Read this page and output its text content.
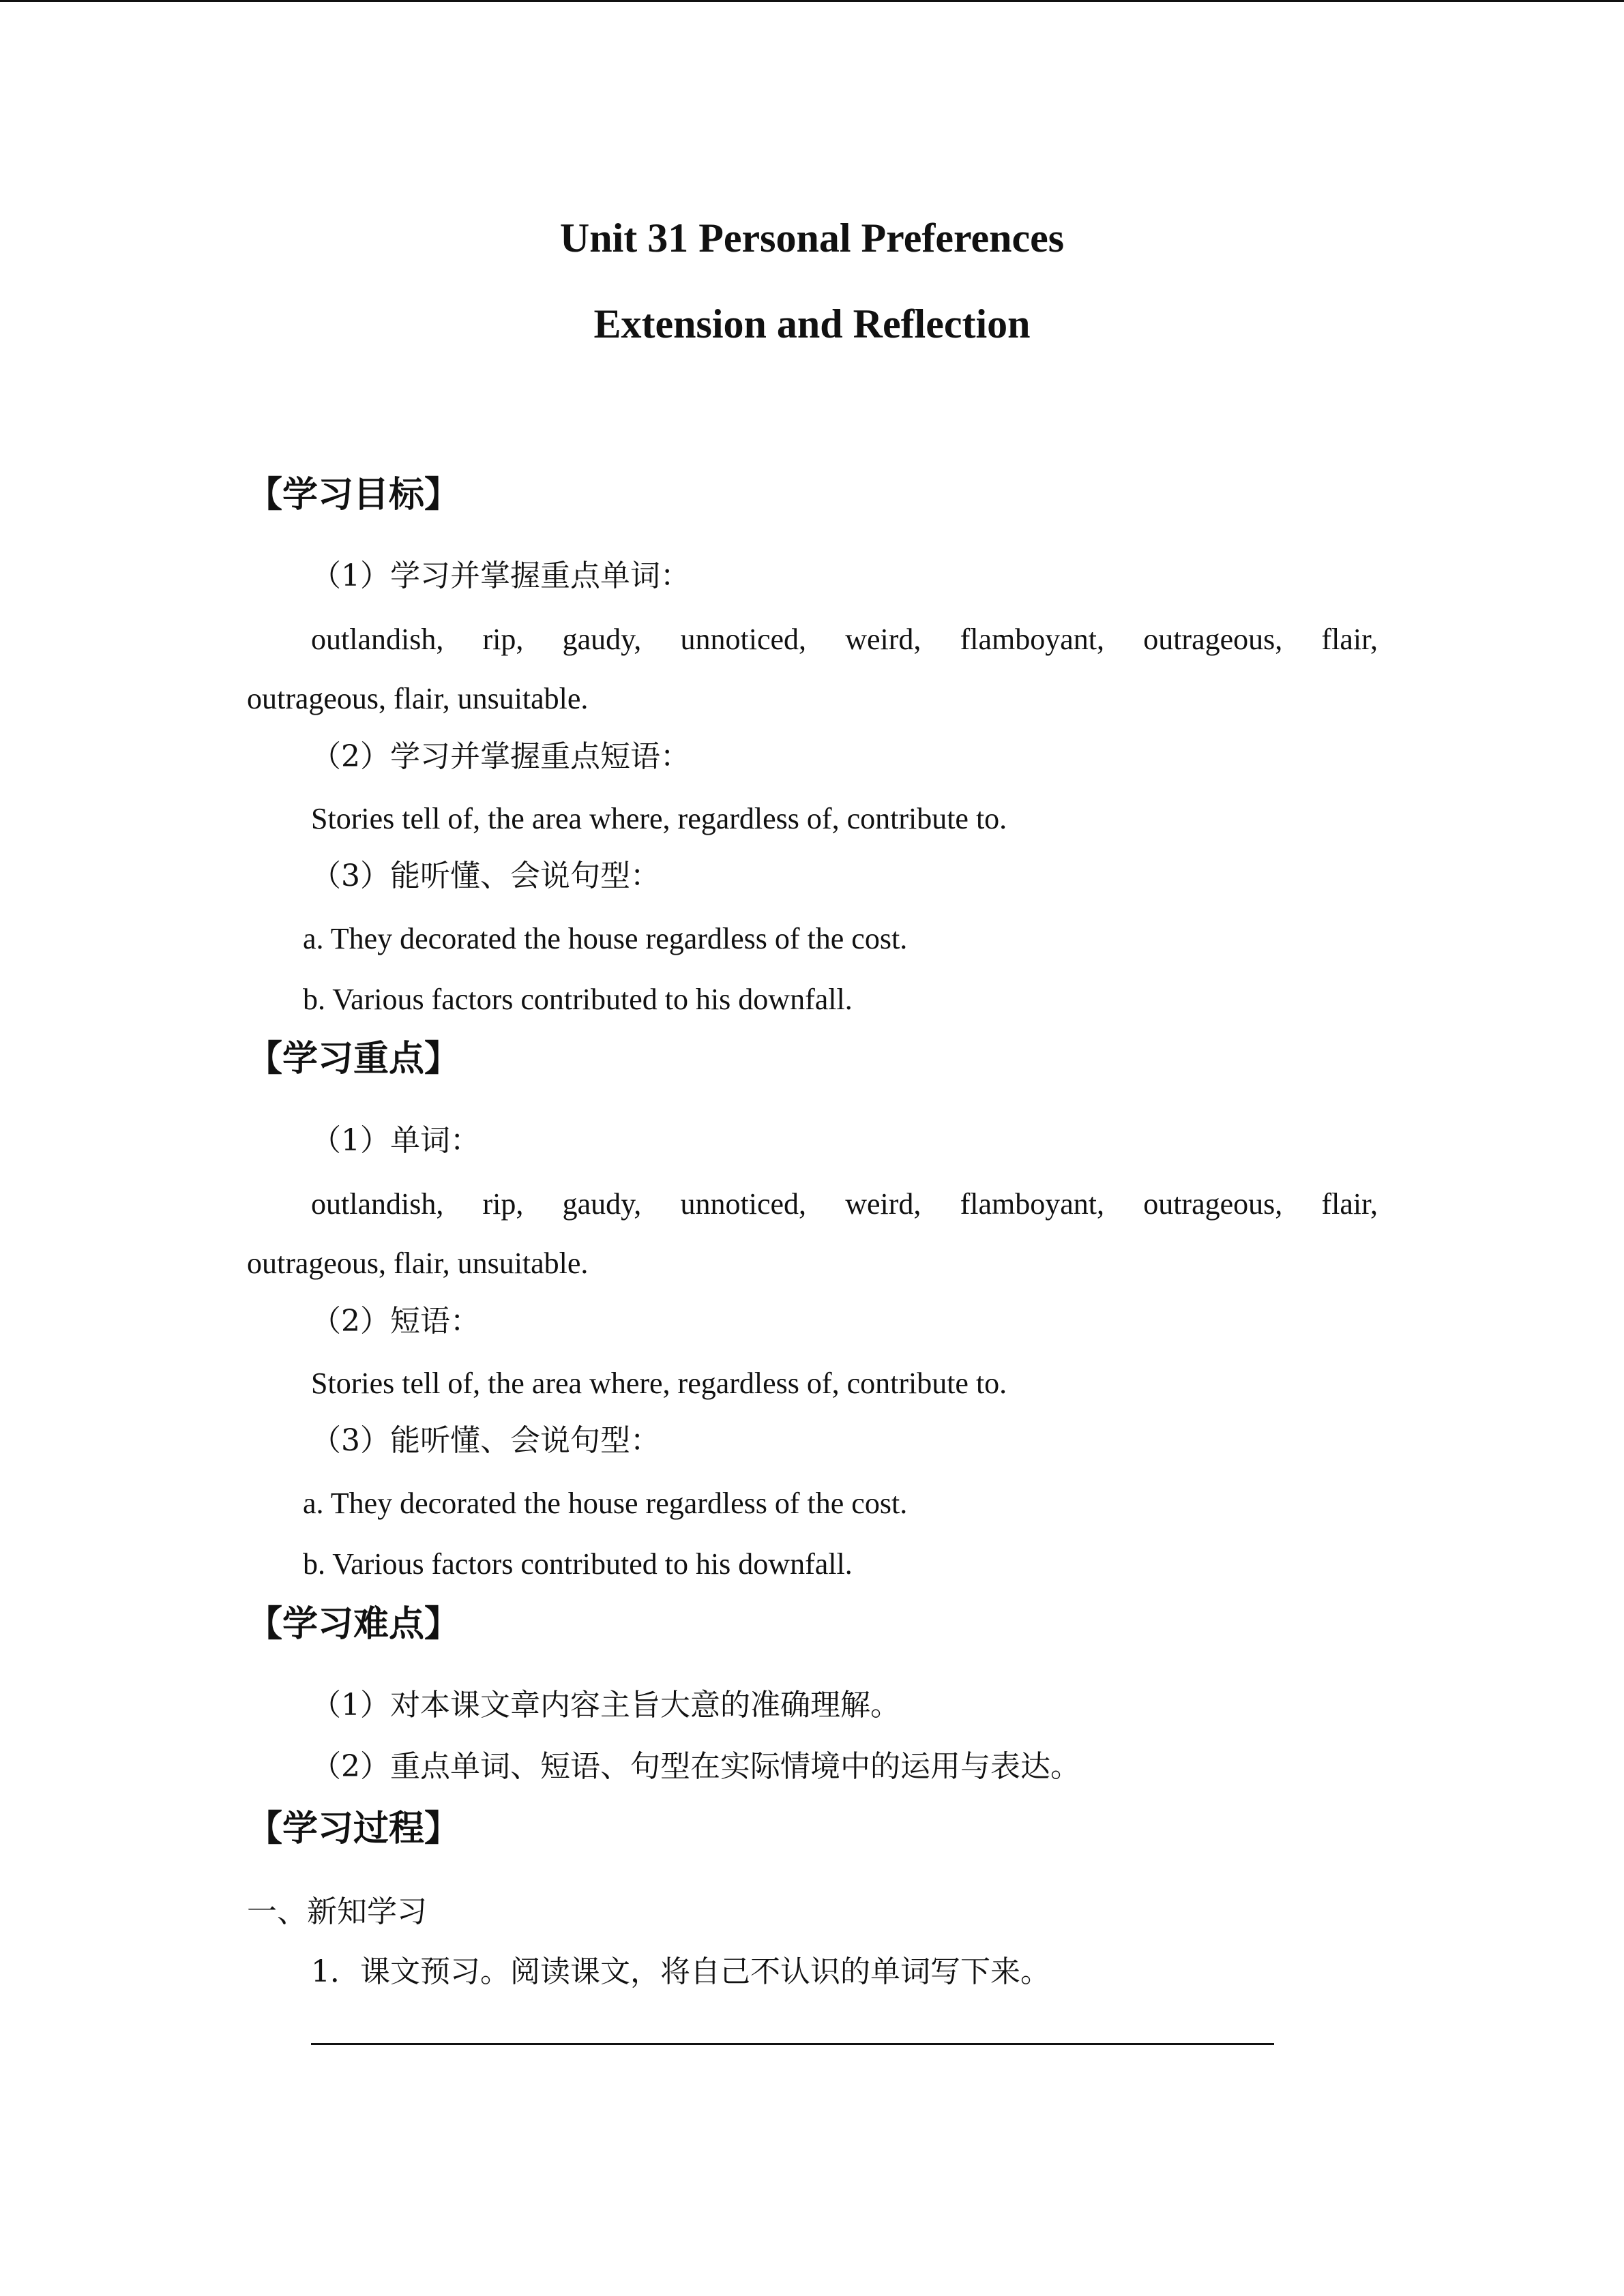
Unit 31 Personal Preferences
Extension and Reflection
【学习目标】
（1）学习并掌握重点单词：
outlandish, rip, gaudy, unnoticed, weird, flamboyant, outrageous, flair,
outrageous, flair, unsuitable.
（2）学习并掌握重点短语：
Stories tell of, the area where, regardless of, contribute to.
（3）能听懂、会说句型：
a. They decorated the house regardless of the cost.
b. Various factors contributed to his downfall.
【学习重点】
（1）单词：
outlandish, rip, gaudy, unnoticed, weird, flamboyant, outrageous, flair,
outrageous, flair, unsuitable.
（2）短语：
Stories tell of, the area where, regardless of, contribute to.
（3）能听懂、会说句型：
a. They decorated the house regardless of the cost.
b. Various factors contributed to his downfall.
【学习难点】
（1）对本课文章内容主旨大意的准确理解。
（2）重点单词、短语、句型在实际情境中的运用与表达。
【学习过程】
一、新知学习
1．课文预习。阅读课文，将自己不认识的单词写下来。
